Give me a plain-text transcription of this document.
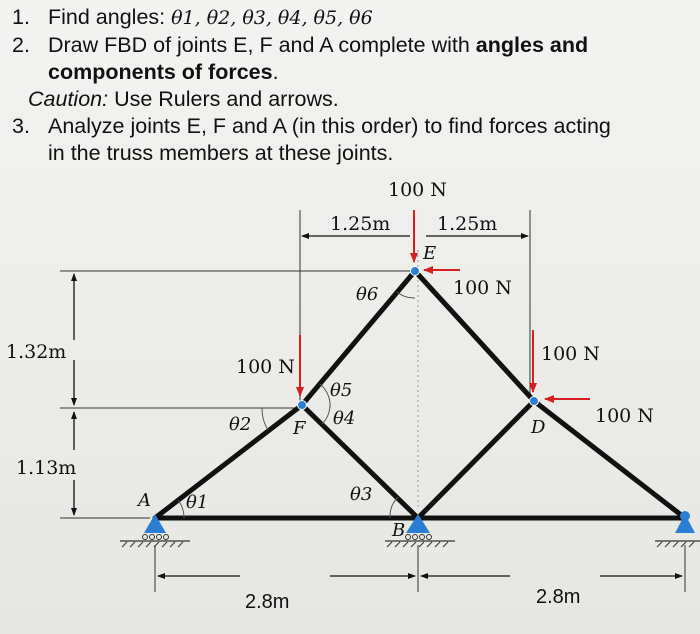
1. Find angles: θ1, θ2, θ3, θ4, θ5, θ6
2. Draw FBD of joints E, F and A complete with angles and
components of forces.
Caution: Use Rulers and arrows.
3. Analyze joints E, F and A (in this order) to find forces acting
in the truss members at these joints.
100 N
100 N
100 N
100 N
100 N
A
B
D
E
F
θ1
θ2
θ3
θ4
θ5
θ6
1.25m 1.25m
1.32m
1.13m
2.8m	2.8m
